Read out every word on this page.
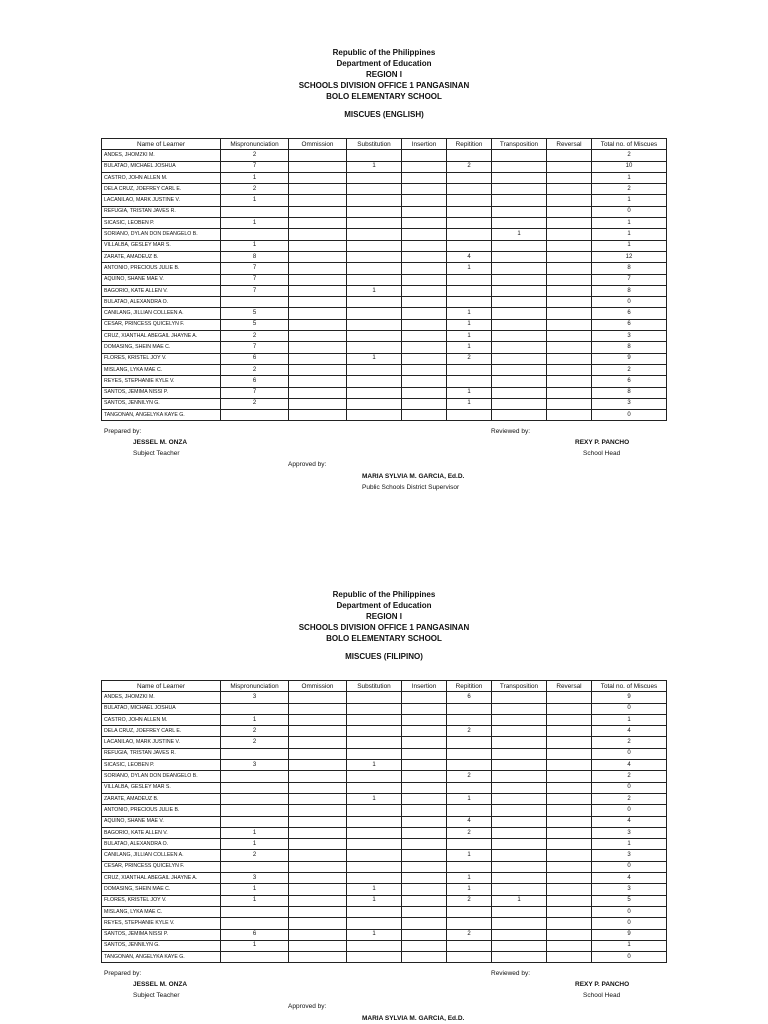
Republic of the Philippines
Department of Education
REGION I
SCHOOLS DIVISION OFFICE 1 PANGASINAN
BOLO ELEMENTARY SCHOOL
MISCUES (ENGLISH)
Name of Learner	Mispronunciation	Ommission	Substitution	Insertion	Repitition	Transposition	Reversal	Total no. of Miscues
ANDES, JHOMZKI M.	2							2
BULATAO, MICHAEL JOSHUA	7		1		2			10
CASTRO, JOHN ALLEN M.	1							1
DELA CRUZ, JOEFREY CARL E.	2							2
LACANILAO, MARK JUSTINE V.	1							1
REFUGIA, TRISTAN JAVES R.								0
SICASIC, LEOBEN P.	1							1
SORIANO, DYLAN DON DEANGELO B.						1		1
VILLALBA, GESLEY MAR S.	1							1
ZARATE, AMADEUZ B.	8				4			12
ANTONIO, PRECIOUS JULIE B.	7				1			8
AQUINO, SHANE MAE V.	7							7
BAGORIO, KATE ALLEN V.	7		1					8
BULATAO, ALEXANDRA O.								0
CANILANG, JILLIAN COLLEEN A.	5				1			6
CESAR, PRINCESS QUICELYN F.	5				1			6
CRUZ, XIANTHAL ABEGAIL JHAYNE A.	2				1			3
DOMASING, SHEIN MAE C.	7				1			8
FLORES, KRISTEL JOY V.	6		1		2			9
MISLANG, LYKA MAE C.	2							2
REYES, STEPHANIE KYLE V.	6							6
SANTOS, JEMIMA NISSI P.	7				1			8
SANTOS, JENNILYN G.	2				1			3
TANGONAN, ANGELYKA KAYE G.								0
Prepared by:
JESSEL M. ONZA
Subject Teacher
Reviewed by:
REXY P. PANCHO
School Head
Approved by:
MARIA SYLVIA M. GARCIA, Ed.D.
Public Schools District Supervisor
Republic of the Philippines
Department of Education
REGION I
SCHOOLS DIVISION OFFICE 1 PANGASINAN
BOLO ELEMENTARY SCHOOL
MISCUES (FILIPINO)
Name of Learner	Mispronunciation	Ommission	Substitution	Insertion	Repitition	Transposition	Reversal	Total no. of Miscues
ANDES, JHOMZKI M.	3				6			9
BULATAO, MICHAEL JOSHUA								0
CASTRO, JOHN ALLEN M.	1							1
DELA CRUZ, JOEFREY CARL E.	2				2			4
LACANILAO, MARK JUSTINE V.	2							2
REFUGIA, TRISTAN JAVES R.								0
SICASIC, LEOBEN P.	3		1					4
SORIANO, DYLAN DON DEANGELO B.					2			2
VILLALBA, GESLEY MAR S.								0
ZARATE, AMADEUZ B.			1		1			2
ANTONIO, PRECIOUS JULIE B.								0
AQUINO, SHANE MAE V.					4			4
BAGORIO, KATE ALLEN V.	1				2			3
BULATAO, ALEXANDRA O.	1							1
CANILANG, JILLIAN COLLEEN A.	2				1			3
CESAR, PRINCESS QUICELYN F.								0
CRUZ, XIANTHAL ABEGAIL JHAYNE A.	3				1			4
DOMASING, SHEIN MAE C.	1		1		1			3
FLORES, KRISTEL JOY V.	1		1		2	1		5
MISLANG, LYKA MAE C.								0
REYES, STEPHANIE KYLE V.								0
SANTOS, JEMIMA NISSI P.	6		1		2			9
SANTOS, JENNILYN G.	1							1
TANGONAN, ANGELYKA KAYE G.								0
Prepared by:
JESSEL M. ONZA
Subject Teacher
Reviewed by:
REXY P. PANCHO
School Head
Approved by:
MARIA SYLVIA M. GARCIA, Ed.D.
